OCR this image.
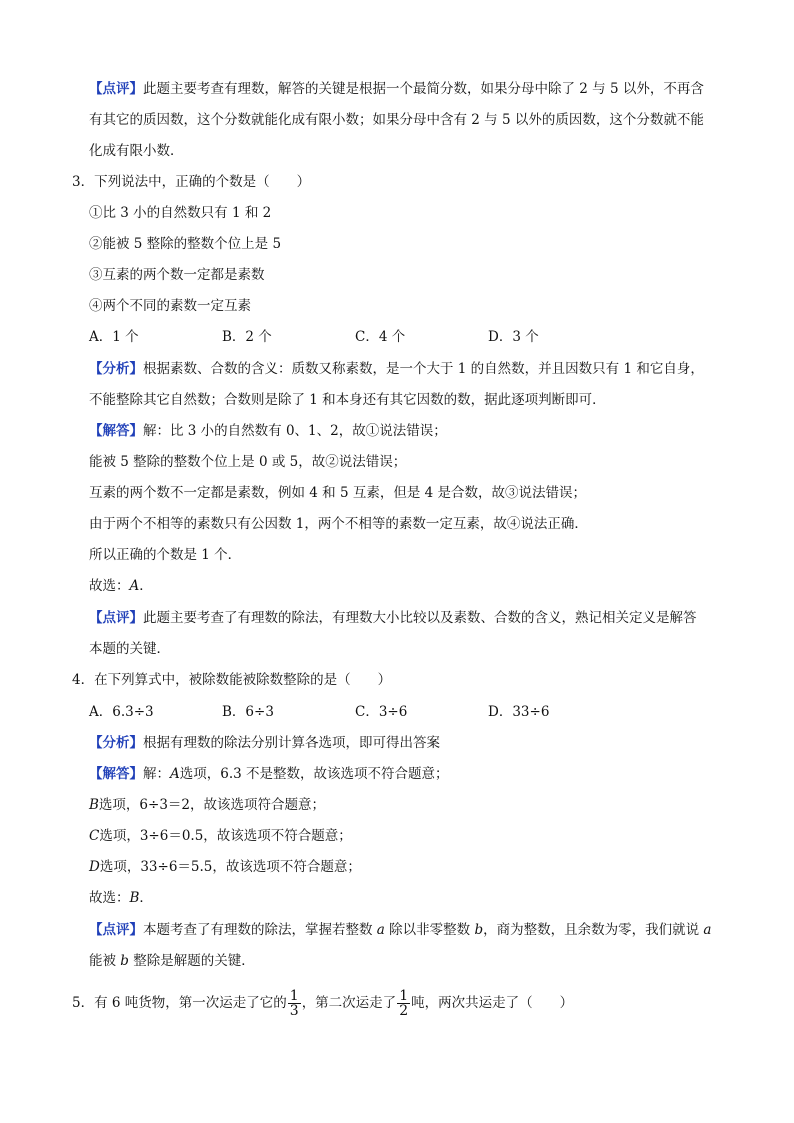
【点评】此题主要考查有理数，解答的关键是根据一个最简分数，如果分母中除了 2 与 5 以外，不再含
有其它的质因数，这个分数就能化成有限小数；如果分母中含有 2 与 5 以外的质因数，这个分数就不能
化成有限小数．
3．下列说法中，正确的个数是（　　）
①比 3 小的自然数只有 1 和 2
②能被 5 整除的整数个位上是 5
③互素的两个数一定都是素数
④两个不同的素数一定互素
A．1 个	B．2 个	C．4 个	D．3 个
【分析】根据素数、合数的含义：质数又称素数，是一个大于 1 的自然数，并且因数只有 1 和它自身，
不能整除其它自然数；合数则是除了 1 和本身还有其它因数的数，据此逐项判断即可．
【解答】解：比 3 小的自然数有 0、1、2，故①说法错误；
能被 5 整除的整数个位上是 0 或 5，故②说法错误；
互素的两个数不一定都是素数，例如 4 和 5 互素，但是 4 是合数，故③说法错误；
由于两个不相等的素数只有公因数 1，两个不相等的素数一定互素，故④说法正确．
所以正确的个数是 1 个．
故选：A．
【点评】此题主要考查了有理数的除法，有理数大小比较以及素数、合数的含义，熟记相关定义是解答
本题的关键．
4．在下列算式中，被除数能被除数整除的是（　　）
A．6.3÷3	B．6÷3	C．3÷6	D．33÷6
【分析】根据有理数的除法分别计算各选项，即可得出答案
【解答】解：A选项，6.3 不是整数，故该选项不符合题意；
B选项，6÷3＝2，故该选项符合题意；
C选项，3÷6＝0.5，故该选项不符合题意；
D选项，33÷6＝5.5，故该选项不符合题意；
故选：B．
【点评】本题考查了有理数的除法，掌握若整数 a 除以非零整数 b，商为整数，且余数为零，我们就说 a
能被 b 整除是解题的关键．
5．有 6 吨货物，第一次运走了它的 $\frac{1}{3}$ ，第二次运走了 $\frac{1}{2}$ 吨，两次共运走了（　　）
